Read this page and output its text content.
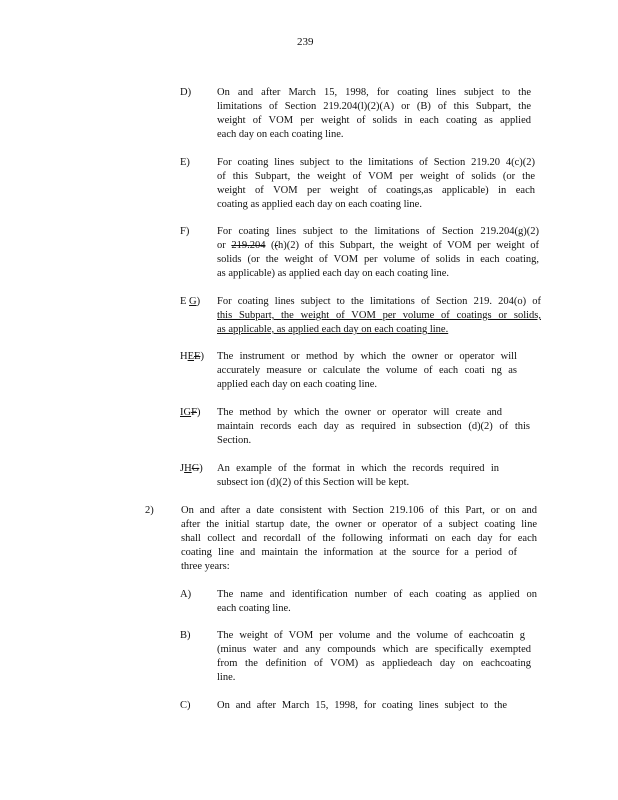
239
D) On and after March 15, 1998, for coating lines subject to the
limitations of Section 219.204(l)(2)(A) or (B) of this Subpart, the
weight of VOM per weight of solids in each coating as applied
each day on each coating line.
E)	For coating lines subject to the limitations of Section 219.20 4(c)(2)
of this Subpart, the weight of VOM per weight of solids (or the
weight of VOM per weight of coatings,as applicable) in each
coating as applied each day on each coating line.
F)	For coating lines subject to the limitations of Section 219.204(g)(2)
or 219.204 ((h)(2) of this Subpart, the weight of VOM per weight of
solids (or the weight of VOM per volume of solids in each coating,
as applicable) as applied each day on each coating line.
E G) For coating lines subject to the limitations of Section 219. 204(o) of
this Subpart, the weight of VOM per volume of coatings or solids,
as applicable, as applied each day on each coating line.
HEE) The instrument or method by which the owner or operator will
accurately measure or calculate the volume of each coati ng as
applied each day on each coating line.
IGF) The method by which the owner or operator will create and
maintain records each day as required in subsection (d)(2) of this
Section.
JHG) An example of the format in which the records required in
subsect ion (d)(2) of this Section will be kept.
2)	On and after a date consistent with Section 219.106 of this Part, or on and
after the initial startup date, the owner or operator of a subject coating line
shall collect and recordall of the following informati on each day for each
coating line and maintain the information at the source for a period of
three years:
A) The name and identification number of each coating as applied on
each coating line.
B)	The weight of VOM per volume and the volume of eachcoatin g
(minus water and any compounds which are specifically exempted
from the definition of VOM) as appliedeach day on eachcoating
line.
C)	On and after March 15, 1998, for coating lines subject to the
